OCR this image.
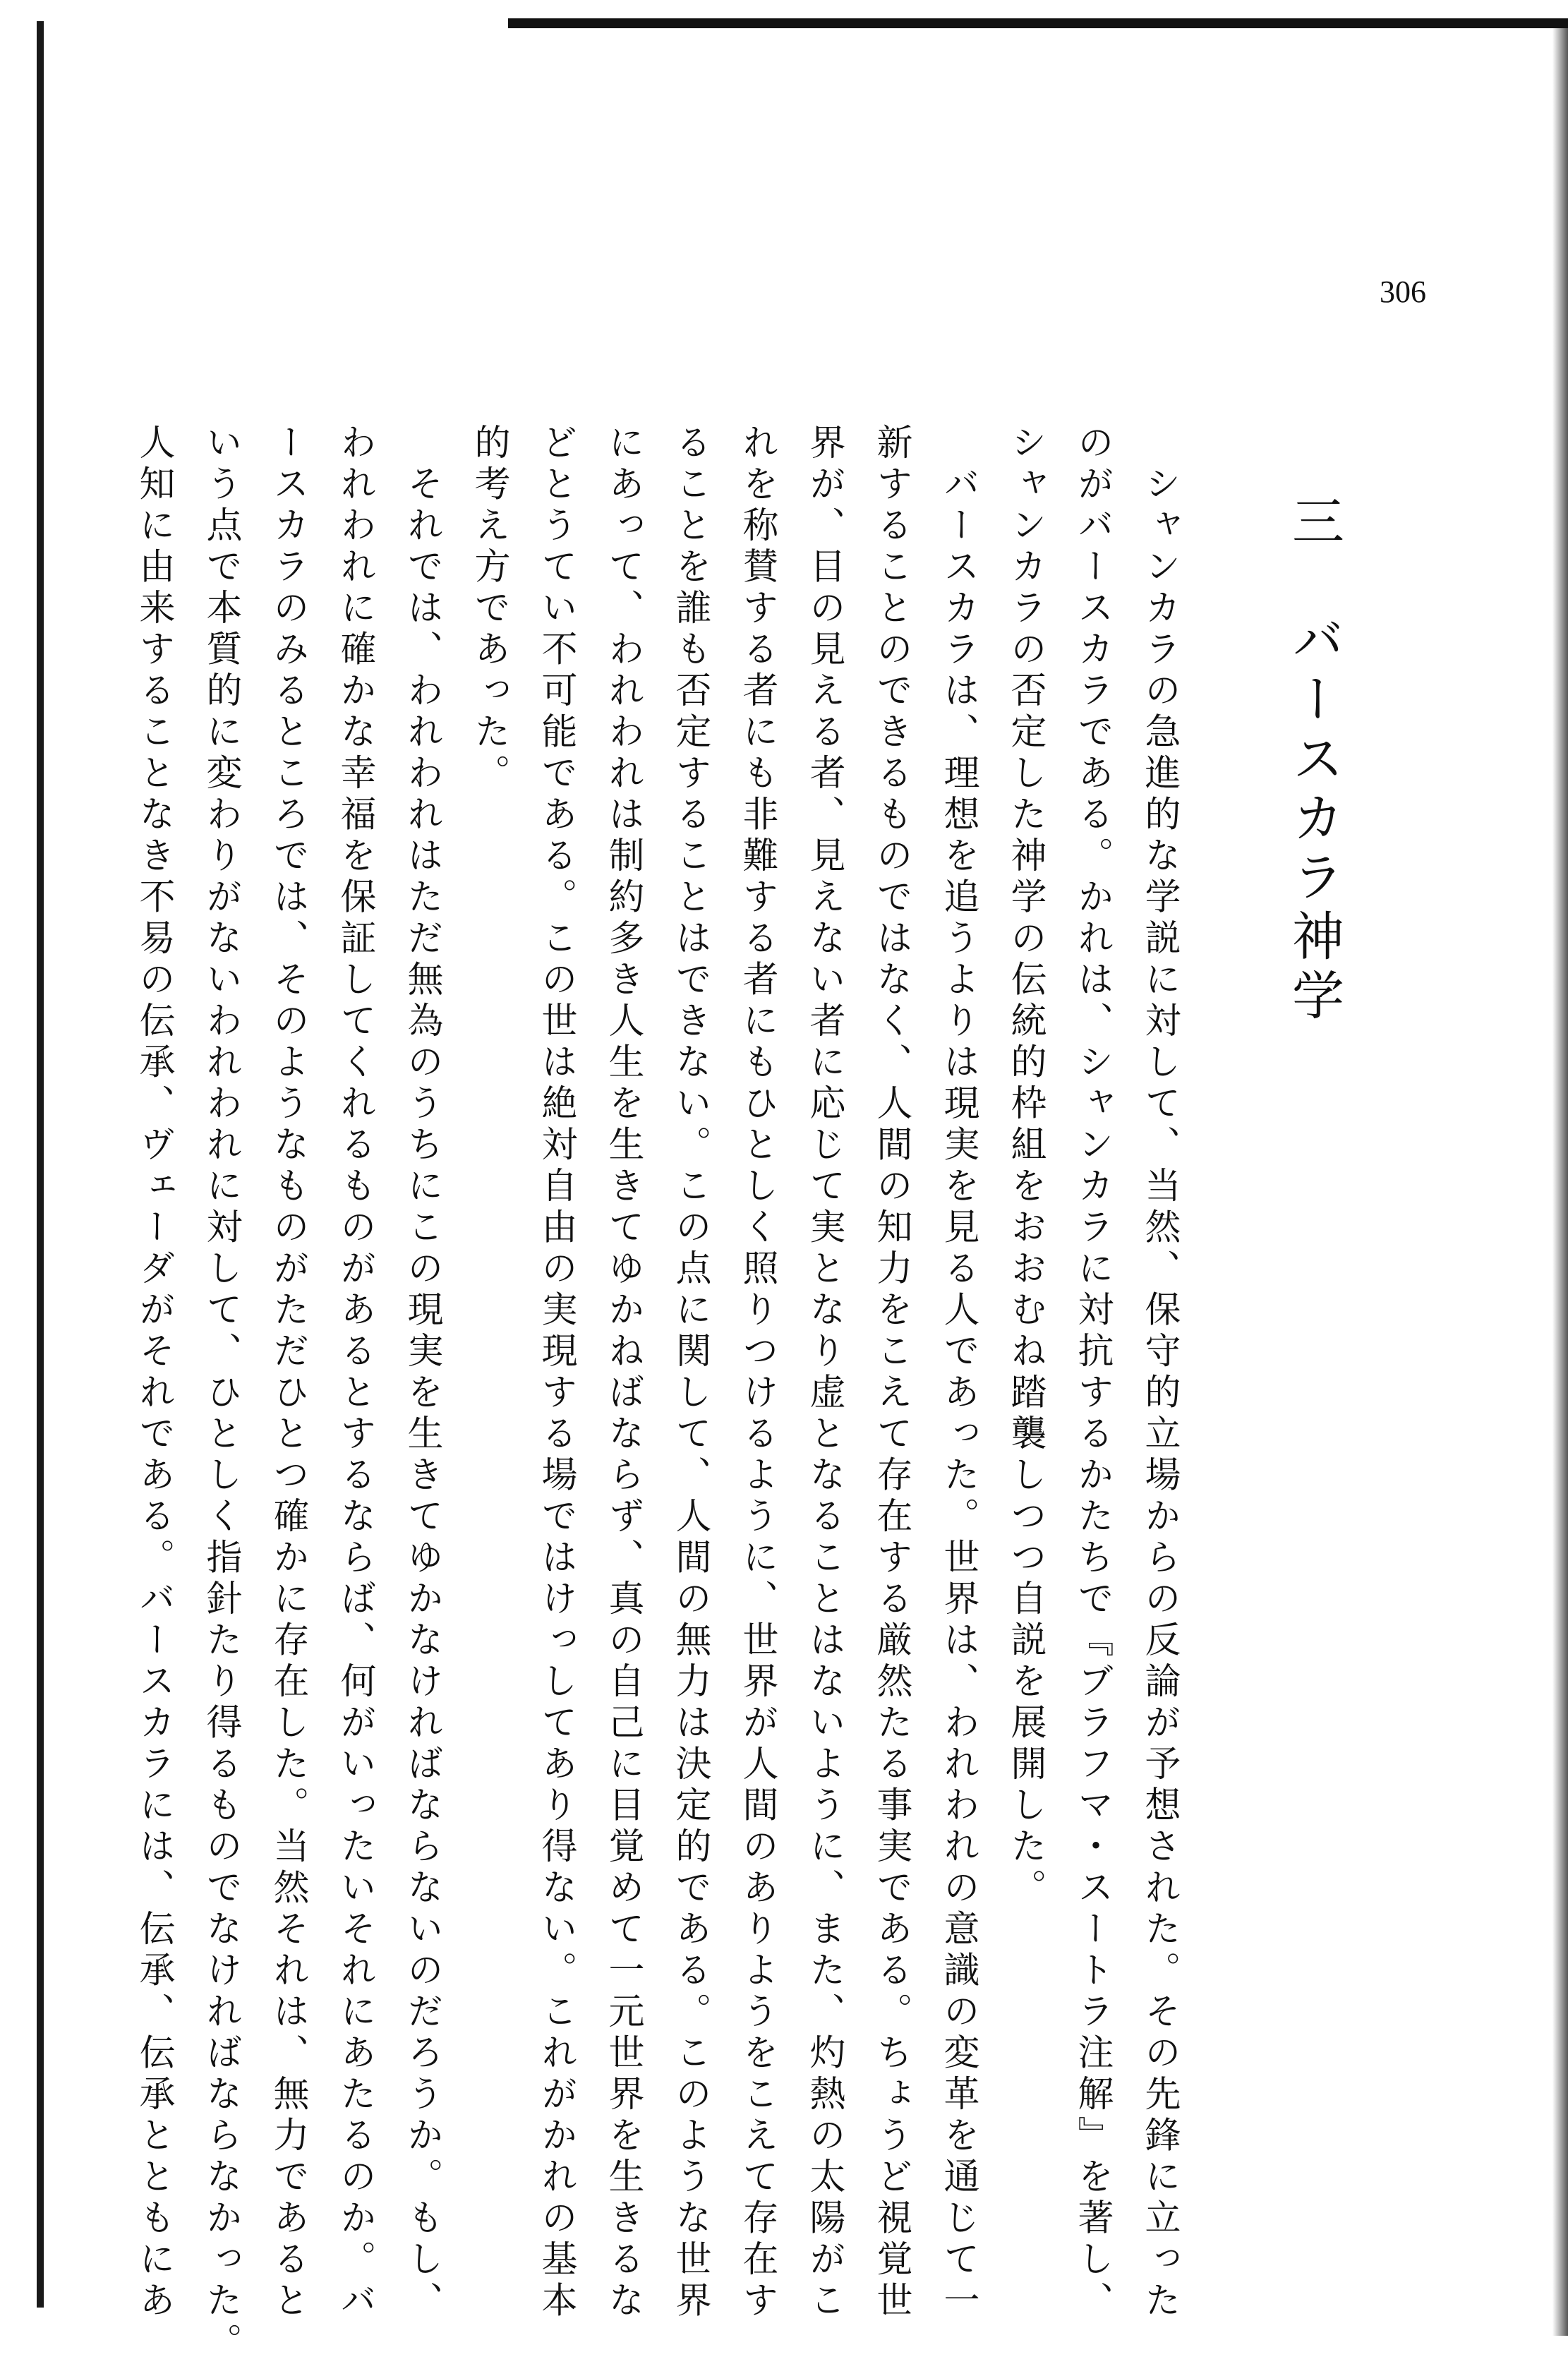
306
三　バースカラ神学

　シャンカラの急進的な学説に対して、当然、保守的立場からの反論が予想された。その先鋒に立った

のがバースカラである。かれは、シャンカラに対抗するかたちで『ブラフマ・スートラ注解』を著し、

シャンカラの否定した神学の伝統的枠組をおおむね踏襲しつつ自説を展開した。

　バースカラは、理想を追うよりは現実を見る人であった。世界は、われわれの意識の変革を通じて一

新することのできるものではなく、人間の知力をこえて存在する厳然たる事実である。ちょうど視覚世

界が、目の見える者、見えない者に応じて実となり虚となることはないように、また、灼熱の太陽がこ

れを称賛する者にも非難する者にもひとしく照りつけるように、世界が人間のありようをこえて存在す

ることを誰も否定することはできない。この点に関して、人間の無力は決定的である。このような世界

にあって、われわれは制約多き人生を生きてゆかねばならず、真の自己に目覚めて一元世界を生きるな

どとうてい不可能である。この世は絶対自由の実現する場ではけっしてあり得ない。これがかれの基本

的考え方であった。

　それでは、われわれはただ無為のうちにこの現実を生きてゆかなければならないのだろうか。もし、

われわれに確かな幸福を保証してくれるものがあるとするならば、何がいったいそれにあたるのか。バ

ースカラのみるところでは、そのようなものがただひとつ確かに存在した。当然それは、無力であると

いう点で本質的に変わりがないわれわれに対して、ひとしく指針たり得るものでなければならなかった。

人知に由来することなき不易の伝承、ヴェーダがそれである。バースカラには、伝承、伝承とともにあ
